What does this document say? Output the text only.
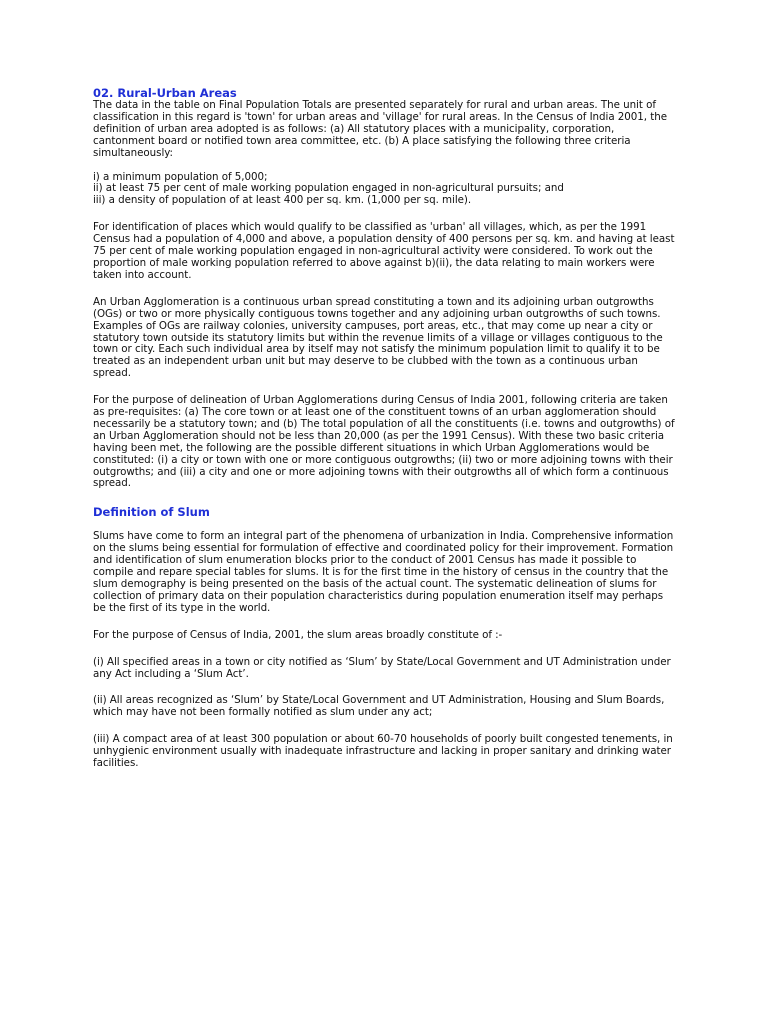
02. Rural-Urban Areas

The data in the table on Final Population Totals are presented separately for rural and urban areas. The unit of classification in this regard is 'town' for urban areas and 'village' for rural areas. In the Census of India 2001, the definition of urban area adopted is as follows: (a) All statutory places with a municipality, corporation, cantonment board or notified town area committee, etc. (b) A place satisfying the following three criteria simultaneously:

i) a minimum population of 5,000;
ii) at least 75 per cent of male working population engaged in non-agricultural pursuits; and
iii) a density of population of at least 400 per sq. km. (1,000 per sq. mile).

For identification of places which would qualify to be classified as 'urban' all villages, which, as per the 1991 Census had a population of 4,000 and above, a population density of 400 persons per sq. km. and having at least 75 per cent of male working population engaged in non-agricultural activity were considered. To work out the proportion of male working population referred to above against b)(ii), the data relating to main workers were taken into account.

An Urban Agglomeration is a continuous urban spread constituting a town and its adjoining urban outgrowths (OGs) or two or more physically contiguous towns together and any adjoining urban outgrowths of such towns. Examples of OGs are railway colonies, university campuses, port areas, etc., that may come up near a city or statutory town outside its statutory limits but within the revenue limits of a village or villages contiguous to the town or city. Each such individual area by itself may not satisfy the minimum population limit to qualify it to be treated as an independent urban unit but may deserve to be clubbed with the town as a continuous urban spread.

For the purpose of delineation of Urban Agglomerations during Census of India 2001, following criteria are taken as pre-requisites: (a) The core town or at least one of the constituent towns of an urban agglomeration should necessarily be a statutory town; and (b) The total population of all the constituents (i.e. towns and outgrowths) of an Urban Agglomeration should not be less than 20,000 (as per the 1991 Census). With these two basic criteria having been met, the following are the possible different situations in which Urban Agglomerations would be constituted: (i) a city or town with one or more contiguous outgrowths; (ii) two or more adjoining towns with their outgrowths; and (iii) a city and one or more adjoining towns with their outgrowths all of which form a continuous spread.

Definition of Slum

Slums have come to form an integral part of the phenomena of urbanization in India. Comprehensive information on the slums being essential for formulation of effective and coordinated policy for their improvement. Formation and identification of slum enumeration blocks prior to the conduct of 2001 Census has made it possible to compile and repare special tables for slums. It is for the first time in the history of census in the country that the slum demography is being presented on the basis of the actual count. The systematic delineation of slums for collection of primary data on their population characteristics during population enumeration itself may perhaps be the first of its type in the world.

For the purpose of Census of India, 2001, the slum areas broadly constitute of :-

(i) All specified areas in a town or city notified as ‘Slum’ by State/Local Government and UT Administration under any Act including a ‘Slum Act’.

(ii) All areas recognized as ‘Slum’ by State/Local Government and UT Administration, Housing and Slum Boards, which may have not been formally notified as slum under any act;

(iii) A compact area of at least 300 population or about 60-70 households of poorly built congested tenements, in unhygienic environment usually with inadequate infrastructure and lacking in proper sanitary and drinking water facilities.
